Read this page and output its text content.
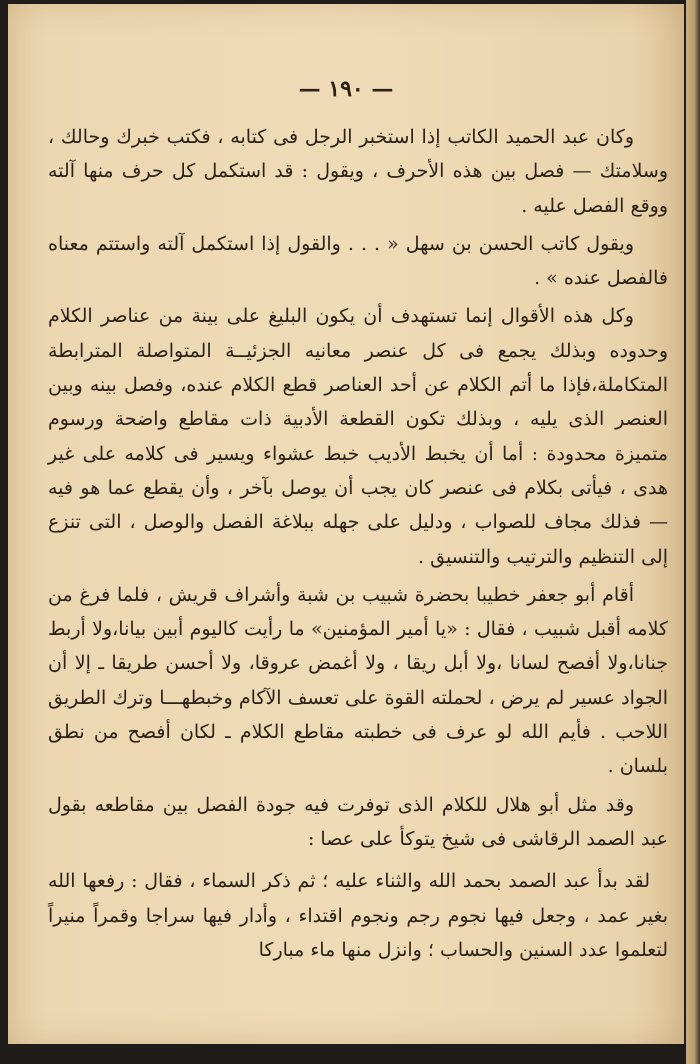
— ١٩٠ —

وكان عبد الحميد الكاتب إذا استخبر الرجل فى كتابه ، فكتب خبرك وحالك ، وسلامتك — فصل بين هذه الأحرف ، ويقول : قد استكمل كل حرف منها آلته ووقع الفصل عليه .

ويقول كاتب الحسن بن سهل « . . . والقول إذا استكمل آلته واستتم معناه فالفصل عنده » .

وكل هذه الأقوال إنما تستهدف أن يكون البليغ على بينة من عناصر الكلام وحدوده وبذلك يجمع فى كل عنصر معانيه الجزئيــة المتواصلة المترابطة المتكاملة،فإذا ما أتم الكلام عن أحد العناصر قطع الكلام عنده، وفصل بينه وبين العنصر الذى يليه ، وبذلك تكون القطعة الأدبية ذات مقاطع واضحة ورسوم متميزة محدودة : أما أن يخبط الأديب خبط عشواء ويسير فى كلامه على غير هدى ، فيأتى بكلام فى عنصر كان يجب أن يوصل بآخر ، وأن يقطع عما هو فيه — فذلك مجاف للصواب ، ودليل على جهله ببلاغة الفصل والوصل ، التى تنزع إلى التنظيم والترتيب والتنسيق .

أقام أبو جعفر خطيبا بحضرة شبيب بن شبة وأشراف قريش ، فلما فرغ من كلامه أقبل شبيب ، فقال : «يا أمير المؤمنين» ما رأيت كاليوم أبين بيانا،ولا أربط جنانا،ولا أفصح لسانا ،ولا أبل ريقا ، ولا أغمض عروقا، ولا أحسن طريقا ـ إلا أن الجواد عسير لم يرض ، لحملته القوة على تعسف الآكام وخبطهـــا وترك الطريق اللاحب . فأيم الله لو عرف فى خطبته مقاطع الكلام ـ لكان أفصح من نطق بلسان .

وقد مثل أبو هلال للكلام الذى توفرت فيه جودة الفصل بين مقاطعه بقول عبد الصمد الرقاشى فى شيخ يتوكأ على عصا :

لقد بدأ عبد الصمد بحمد الله والثناء عليه ؛ ثم ذكر السماء ، فقال : رفعها الله بغير عمد ، وجعل فيها نجوم رجم ونجوم اقتداء ، وأدار فيها سراجا وقمراً منيراً لتعلموا عدد السنين والحساب ؛ وانزل منها ماء مباركا
